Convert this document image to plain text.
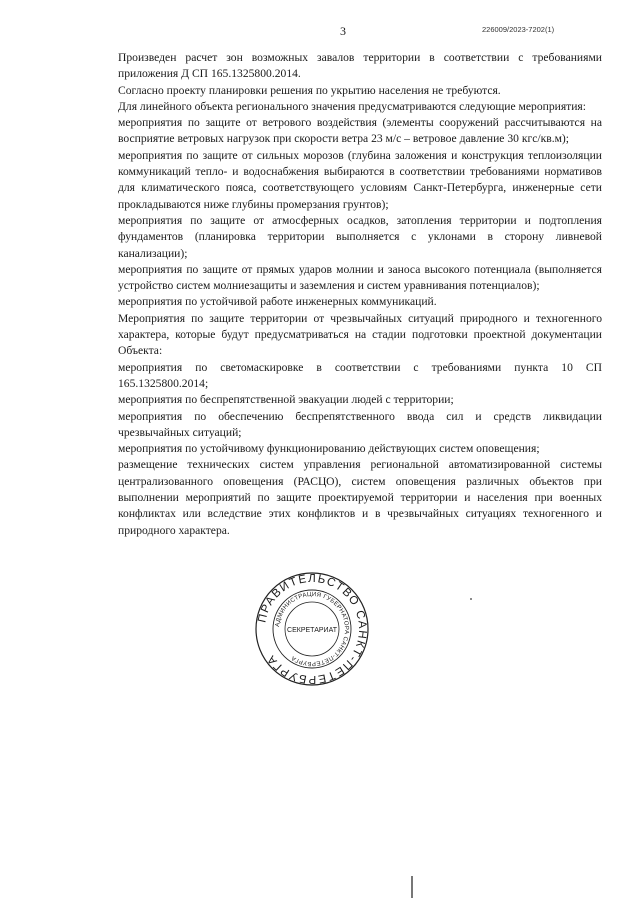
3	226009/2023-7202(1)

Произведен расчет зон возможных завалов территории в соответствии с требованиями приложения Д СП 165.1325800.2014.

Согласно проекту планировки решения по укрытию населения не требуются.

Для линейного объекта регионального значения предусматриваются следующие мероприятия:

мероприятия по защите от ветрового воздействия (элементы сооружений рассчитываются на восприятие ветровых нагрузок при скорости ветра 23 м/с – ветровое давление 30 кгс/кв.м);

мероприятия по защите от сильных морозов (глубина заложения и конструкция теплоизоляции коммуникаций тепло- и водоснабжения выбираются в соответствии требованиями нормативов для климатического пояса, соответствующего условиям Санкт-Петербурга, инженерные сети прокладываются ниже глубины промерзания грунтов);

мероприятия по защите от атмосферных осадков, затопления территории и подтопления фундаментов (планировка территории выполняется с уклонами в сторону ливневой канализации);

мероприятия по защите от прямых ударов молнии и заноса высокого потенциала (выполняется устройство систем молниезащиты и заземления и систем уравнивания потенциалов);

мероприятия по устойчивой работе инженерных коммуникаций.

Мероприятия по защите территории от чрезвычайных ситуаций природного и техногенного характера, которые будут предусматриваться на стадии подготовки проектной документации Объекта:

мероприятия по светомаскировке в соответствии с требованиями пункта 10 СП 165.1325800.2014;

мероприятия по беспрепятственной эвакуации людей с территории;

мероприятия по обеспечению беспрепятственного ввода сил и средств ликвидации чрезвычайных ситуаций;

мероприятия по устойчивому функционированию действующих систем оповещения;

размещение технических систем управления региональной автоматизированной системы централизованного оповещения (РАСЦО), систем оповещения различных объектов при выполнении мероприятий по защите проектируемой территории и населения при военных конфликтах или вследствие этих конфликтов и в чрезвычайных ситуациях техногенного и природного характера.

ПРАВИТЕЛЬСТВО САНКТ-ПЕТЕРБУРГА
АДМИНИСТРАЦИЯ ГУБЕРНАТОРА САНКТ-ПЕТЕРБУРГА
СЕКРЕТАРИАТ
